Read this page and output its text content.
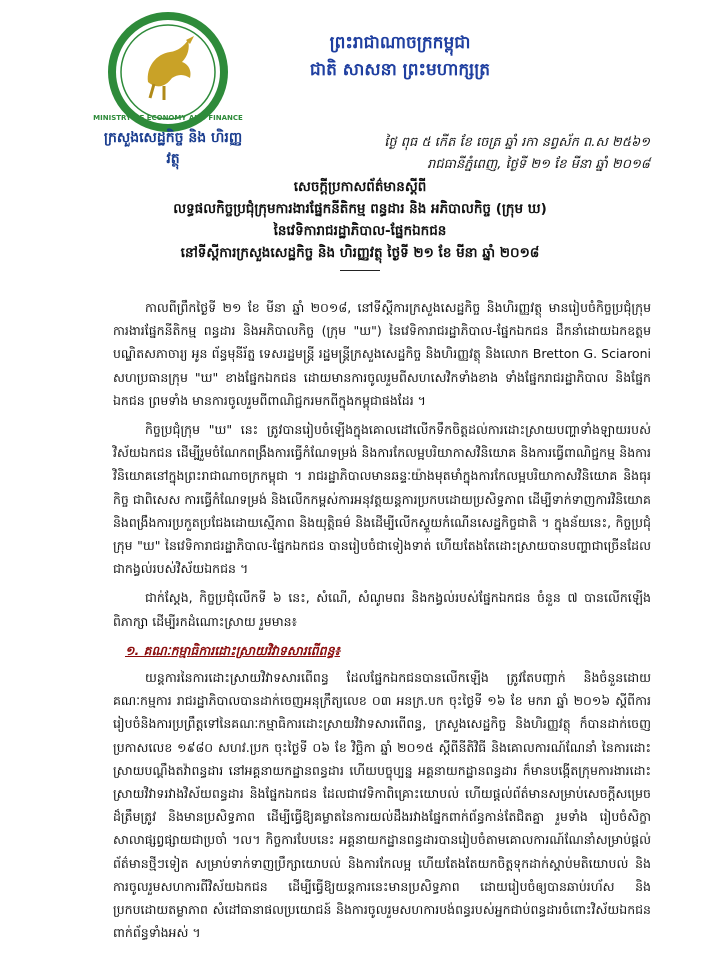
MINISTRY OF ECONOMY AND FINANCE
ក្រសួងសេដ្ឋកិច្ច និង ហិរញ្ញវត្ថុ
ព្រះរាជាណាចក្រកម្ពុជា
ជាតិ សាសនា ព្រះមហាក្សត្រ
ថ្ងៃ ពុធ ៥ កើត ខែ ចេត្រ ឆ្នាំ រកា នព្វស័ក ព.ស ២៥៦១
រាជធានីភ្នំពេញ, ថ្ងៃទី ២១ ខែ មីនា ឆ្នាំ ២០១៨
សេចក្ដីប្រកាសព័ត៌មានស្ដីពី
លទ្ធផលកិច្ចប្រជុំក្រុមការងារផ្នែកនីតិកម្ម ពន្ធដារ និង អភិបាលកិច្ច (ក្រុម ឃ)
នៃវេទិការាជរដ្ឋាភិបាល-ផ្នែកឯកជន
នៅទីស្ដីការក្រសួងសេដ្ឋកិច្ច និង ហិរញ្ញវត្ថុ ថ្ងៃទី ២១ ខែ មីនា ឆ្នាំ ២០១៨

កាលពីព្រឹកថ្ងៃទី ២១ ខែ មីនា ឆ្នាំ ២០១៨, នៅទីស្ដីការក្រសួងសេដ្ឋកិច្ច និងហិរញ្ញវត្ថុ មានរៀបចំកិច្ចប្រជុំក្រុមការងារផ្នែកនីតិកម្ម ពន្ធដារ និងអភិបាលកិច្ច (ក្រុម "ឃ") នៃវេទិការាជរដ្ឋាភិបាល-ផ្នែកឯកជន ដឹកនាំដោយឯកឧត្តម បណ្ឌិតសភាចារ្យ អូន ព័ន្ធមុនីរ័ត្ន ទេសរដ្ឋមន្ត្រី រដ្ឋមន្ត្រីក្រសួងសេដ្ឋកិច្ច និងហិរញ្ញវត្ថុ និងលោក Bretton G. Sciaroni សហប្រធានក្រុម "ឃ" ខាងផ្នែកឯកជន ដោយមានការចូលរួមពីសហសេវិកទាំងខាង ទាំងផ្នែករាជរដ្ឋាភិបាល និងផ្នែកឯកជន ព្រមទាំង មានការចូលរួមពីពាណិជ្ជករមកពីក្នុងកម្ពុជាផងដែរ ។

កិច្ចប្រជុំក្រុម "ឃ" នេះ ត្រូវបានរៀបចំឡើងក្នុងគោលដៅលើកទឹកចិត្តដល់ការដោះស្រាយបញ្ហាទាំងឡាយរបស់វិស័យឯកជន ដើម្បីរួមចំណែកពង្រឹងការធ្វើកំណែទម្រង់ និងការកែលម្អបរិយាកាសវិនិយោគ និងការធ្វើពាណិជ្ជកម្ម និងការវិនិយោគនៅក្នុងព្រះរាជាណាចក្រកម្ពុជា ។ រាជរដ្ឋាភិបាលមានឆន្ទៈយ៉ាងមុតមាំក្នុងការកែលម្អបរិយាកាសវិនិយោគ និងធុរកិច្ច ជាពិសេស ការធ្វើកំណែទម្រង់ និងលើកកម្ពស់ការអនុវត្តយន្តការប្រកបដោយប្រសិទ្ធភាព ដើម្បីទាក់ទាញការវិនិយោគ និងពង្រឹងការប្រកួតប្រជែងដោយស្មើភាព និងយុត្តិធម៌ និងដើម្បីលើកស្ទួយកំណើនសេដ្ឋកិច្ចជាតិ ។ ក្នុងន័យនេះ, កិច្ចប្រជុំក្រុម "ឃ" នៃវេទិការាជរដ្ឋាភិបាល-ផ្នែកឯកជន បានរៀបចំជាទៀងទាត់ ហើយតែងតែដោះស្រាយបានបញ្ហាជាច្រើនដែលជាកង្វល់របស់វិស័យឯកជន ។

ជាក់ស្ដែង, កិច្ចប្រជុំលើកទី ៦ នេះ, សំណើ, សំណូមពរ និងកង្វល់របស់ផ្នែកឯកជន ចំនួន ៧ បានលើកឡើងពិភាក្សា ដើម្បីរកដំណោះស្រាយ រួមមាន៖

១. គណៈកម្មាធិការដោះស្រាយវិវាទសារពើពន្ធ៖

យន្តការនៃការដោះស្រាយវិវាទសារពើពន្ធ ដែលផ្នែកឯកជនបានលើកឡើង ត្រូវតែបញ្ជាក់ និងចំនួនដោយគណៈកម្មការ រាជរដ្ឋាភិបាលបានដាក់ចេញអនុក្រឹត្យលេខ ០៣ អនក្រ.បក ចុះថ្ងៃទី ១៦ ខែ មករា ឆ្នាំ ២០១៦ ស្ដីពីការរៀបចំនិងការប្រព្រឹត្តទៅនៃគណៈកម្មាធិការដោះស្រាយវិវាទសារពើពន្ធ, ក្រសួងសេដ្ឋកិច្ច និងហិរញ្ញវត្ថុ ក៏បានដាក់ចេញប្រកាសលេខ ១៩៨០ សហវ.ប្រក ចុះថ្ងៃទី ០៦ ខែ វិច្ឆិកា ឆ្នាំ ២០១៥ ស្ដីពីនីតិវិធី និងគោលការណ៍ណែនាំ នៃការដោះស្រាយបណ្ដឹងតវ៉ាពន្ធដារ នៅអគ្គនាយកដ្ឋានពន្ធដារ ហើយបច្ចុប្បន្ន អគ្គនាយកដ្ឋានពន្ធដារ ក៏មានបង្កើតក្រុមការងារដោះស្រាយវិវាទរវាងវិស័យពន្ធដារ និងផ្នែកឯកជន ដែលជាវេទិកាពិគ្រោះយោបល់ ហើយផ្ដល់ព័ត៌មានសម្រាប់សេចក្ដីសម្រេចដ៏ត្រឹមត្រូវ និងមានប្រសិទ្ធភាព ដើម្បីធ្វើឱ្យគម្លាតនៃការយល់ដឹងរវាងផ្នែកពាក់ព័ន្ធកាន់តែជិតគ្នា រួមទាំង រៀបចំសិក្ខាសាលាផ្សព្វផ្សាយជាប្រចាំ ។ល។ កិច្ចការបែបនេះ អគ្គនាយកដ្ឋានពន្ធដារបានរៀបចំតាមគោលការណ៍ណែនាំសម្រាប់ផ្ដល់ព័ត៌មានថ្មីៗទៀត សម្រាប់ទាក់ទាញប្រឹក្សាយោបល់ និងការកែលម្អ ហើយតែងតែយកចិត្តទុកដាក់ស្ដាប់មតិយោបល់ និងការចូលរួមសហការពីវិស័យឯកជន ដើម្បីធ្វើឱ្យយន្តការនេះមានប្រសិទ្ធភាព ដោយរៀបចំឲ្យបានឆាប់រហ័ស និងប្រកបដោយតម្លាភាព សំដៅធានាផលប្រយោជន៍ និងការចូលរួមសហការបង់ពន្ធរបស់អ្នកជាប់ពន្ធដារចំពោះវិស័យឯកជនពាក់ព័ន្ធទាំងអស់ ។
